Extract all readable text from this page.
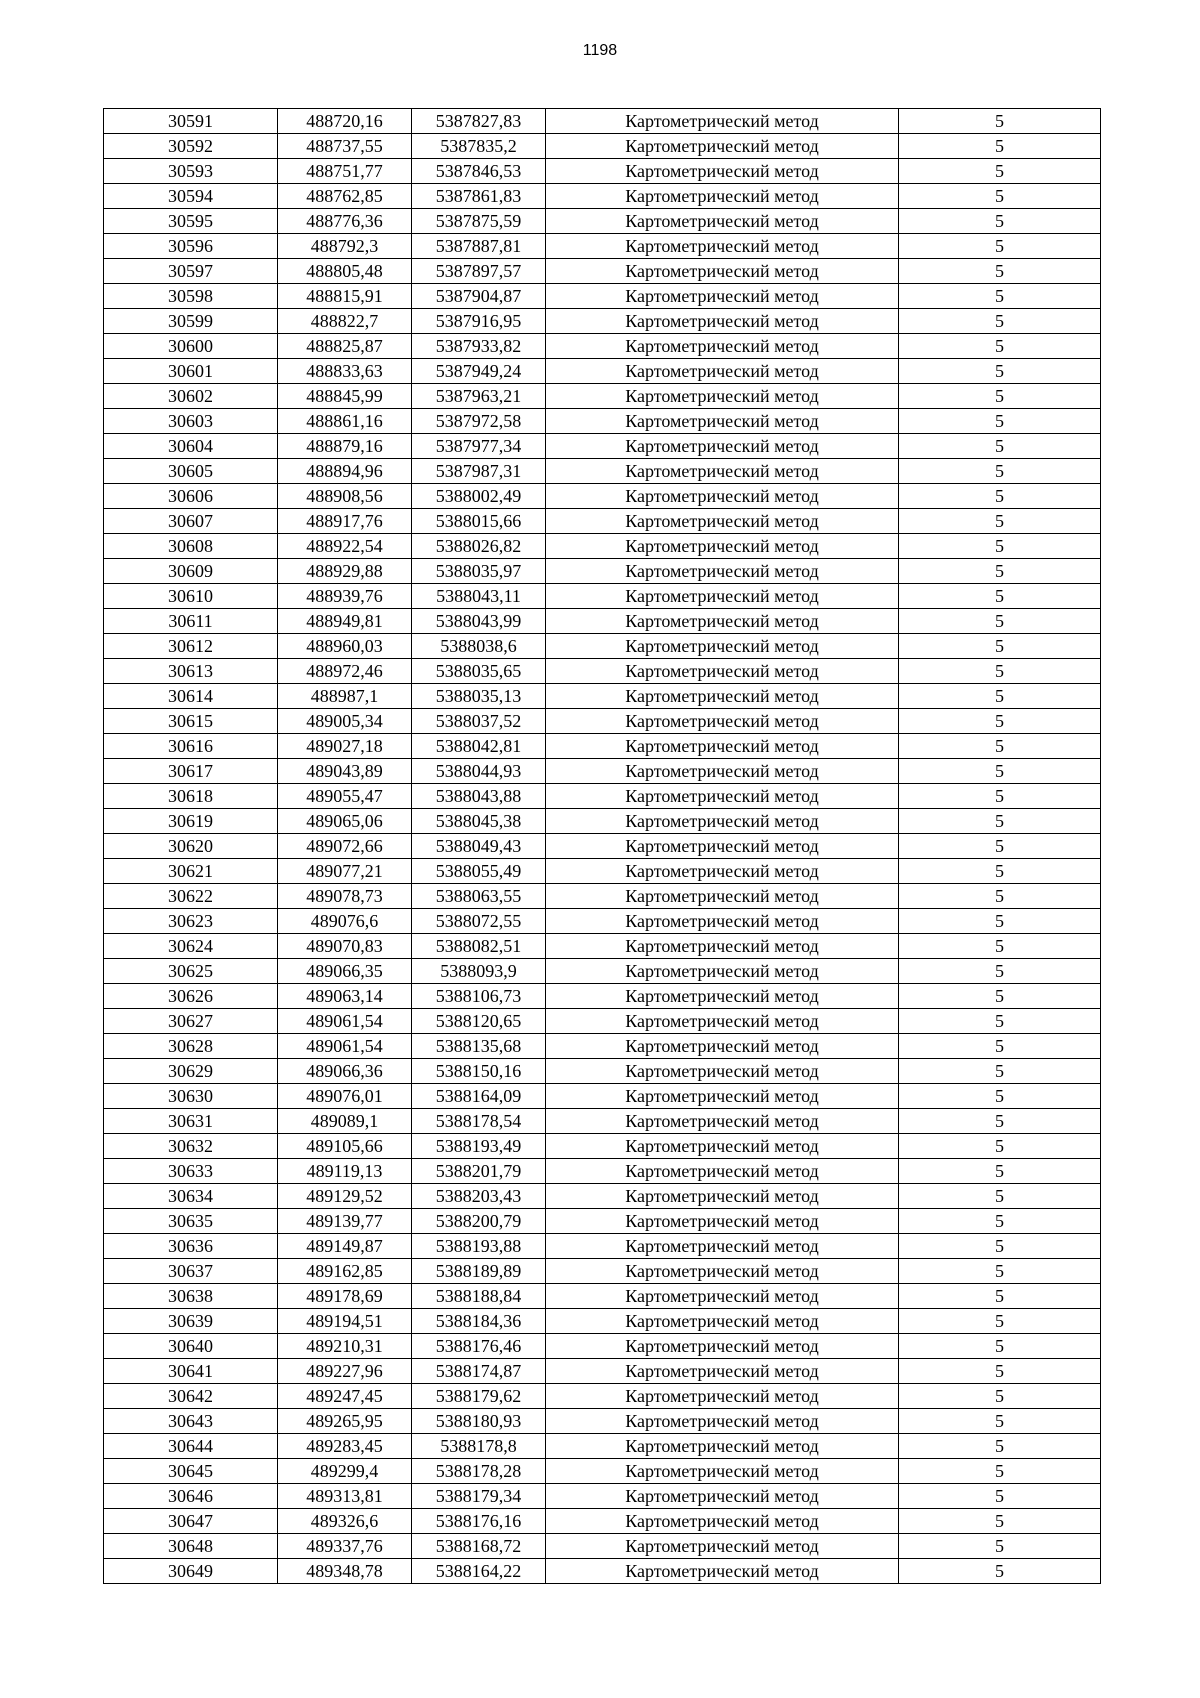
1198
30591	488720,16	5387827,83	Картометрический метод	5
30592	488737,55	5387835,2	Картометрический метод	5
30593	488751,77	5387846,53	Картометрический метод	5
30594	488762,85	5387861,83	Картометрический метод	5
30595	488776,36	5387875,59	Картометрический метод	5
30596	488792,3	5387887,81	Картометрический метод	5
30597	488805,48	5387897,57	Картометрический метод	5
30598	488815,91	5387904,87	Картометрический метод	5
30599	488822,7	5387916,95	Картометрический метод	5
30600	488825,87	5387933,82	Картометрический метод	5
30601	488833,63	5387949,24	Картометрический метод	5
30602	488845,99	5387963,21	Картометрический метод	5
30603	488861,16	5387972,58	Картометрический метод	5
30604	488879,16	5387977,34	Картометрический метод	5
30605	488894,96	5387987,31	Картометрический метод	5
30606	488908,56	5388002,49	Картометрический метод	5
30607	488917,76	5388015,66	Картометрический метод	5
30608	488922,54	5388026,82	Картометрический метод	5
30609	488929,88	5388035,97	Картометрический метод	5
30610	488939,76	5388043,11	Картометрический метод	5
30611	488949,81	5388043,99	Картометрический метод	5
30612	488960,03	5388038,6	Картометрический метод	5
30613	488972,46	5388035,65	Картометрический метод	5
30614	488987,1	5388035,13	Картометрический метод	5
30615	489005,34	5388037,52	Картометрический метод	5
30616	489027,18	5388042,81	Картометрический метод	5
30617	489043,89	5388044,93	Картометрический метод	5
30618	489055,47	5388043,88	Картометрический метод	5
30619	489065,06	5388045,38	Картометрический метод	5
30620	489072,66	5388049,43	Картометрический метод	5
30621	489077,21	5388055,49	Картометрический метод	5
30622	489078,73	5388063,55	Картометрический метод	5
30623	489076,6	5388072,55	Картометрический метод	5
30624	489070,83	5388082,51	Картометрический метод	5
30625	489066,35	5388093,9	Картометрический метод	5
30626	489063,14	5388106,73	Картометрический метод	5
30627	489061,54	5388120,65	Картометрический метод	5
30628	489061,54	5388135,68	Картометрический метод	5
30629	489066,36	5388150,16	Картометрический метод	5
30630	489076,01	5388164,09	Картометрический метод	5
30631	489089,1	5388178,54	Картометрический метод	5
30632	489105,66	5388193,49	Картометрический метод	5
30633	489119,13	5388201,79	Картометрический метод	5
30634	489129,52	5388203,43	Картометрический метод	5
30635	489139,77	5388200,79	Картометрический метод	5
30636	489149,87	5388193,88	Картометрический метод	5
30637	489162,85	5388189,89	Картометрический метод	5
30638	489178,69	5388188,84	Картометрический метод	5
30639	489194,51	5388184,36	Картометрический метод	5
30640	489210,31	5388176,46	Картометрический метод	5
30641	489227,96	5388174,87	Картометрический метод	5
30642	489247,45	5388179,62	Картометрический метод	5
30643	489265,95	5388180,93	Картометрический метод	5
30644	489283,45	5388178,8	Картометрический метод	5
30645	489299,4	5388178,28	Картометрический метод	5
30646	489313,81	5388179,34	Картометрический метод	5
30647	489326,6	5388176,16	Картометрический метод	5
30648	489337,76	5388168,72	Картометрический метод	5
30649	489348,78	5388164,22	Картометрический метод	5
